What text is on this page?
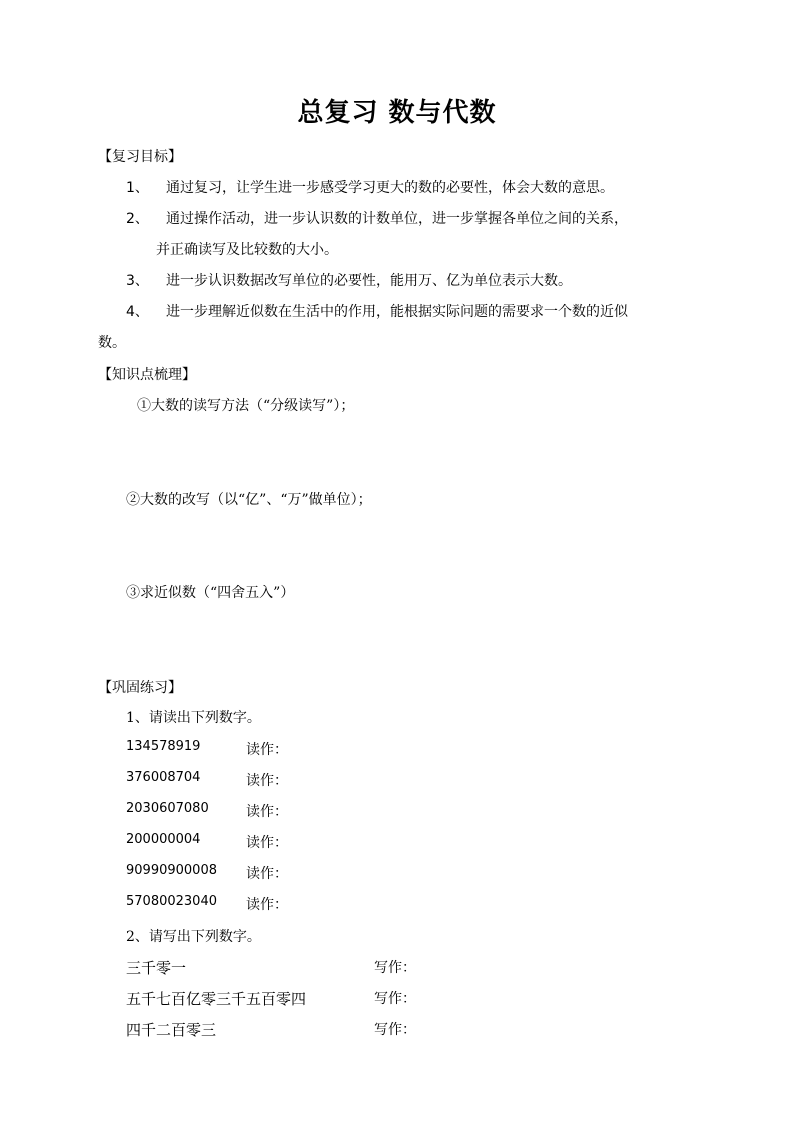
总复习 数与代数
【复习目标】
1、 通过复习，让学生进一步感受学习更大的数的必要性，体会大数的意思。
2、 通过操作活动，进一步认识数的计数单位，进一步掌握各单位之间的关系，
并正确读写及比较数的大小。
3、 进一步认识数据改写单位的必要性，能用万、亿为单位表示大数。
4、 进一步理解近似数在生活中的作用，能根据实际问题的需要求一个数的近似
数。
【知识点梳理】
①大数的读写方法（“分级读写”）；
②大数的改写（以“亿”、“万”做单位）；
③求近似数（“四舍五入”）
【巩固练习】
1、请读出下列数字。
134578919	读作：
376008704	读作：
2030607080	读作：
200000004	读作：
90990900008 读作：
57080023040 读作：
2、请写出下列数字。
三千零一	写作：
五千七百亿零三千五百零四	写作：
四千二百零三	写作：
